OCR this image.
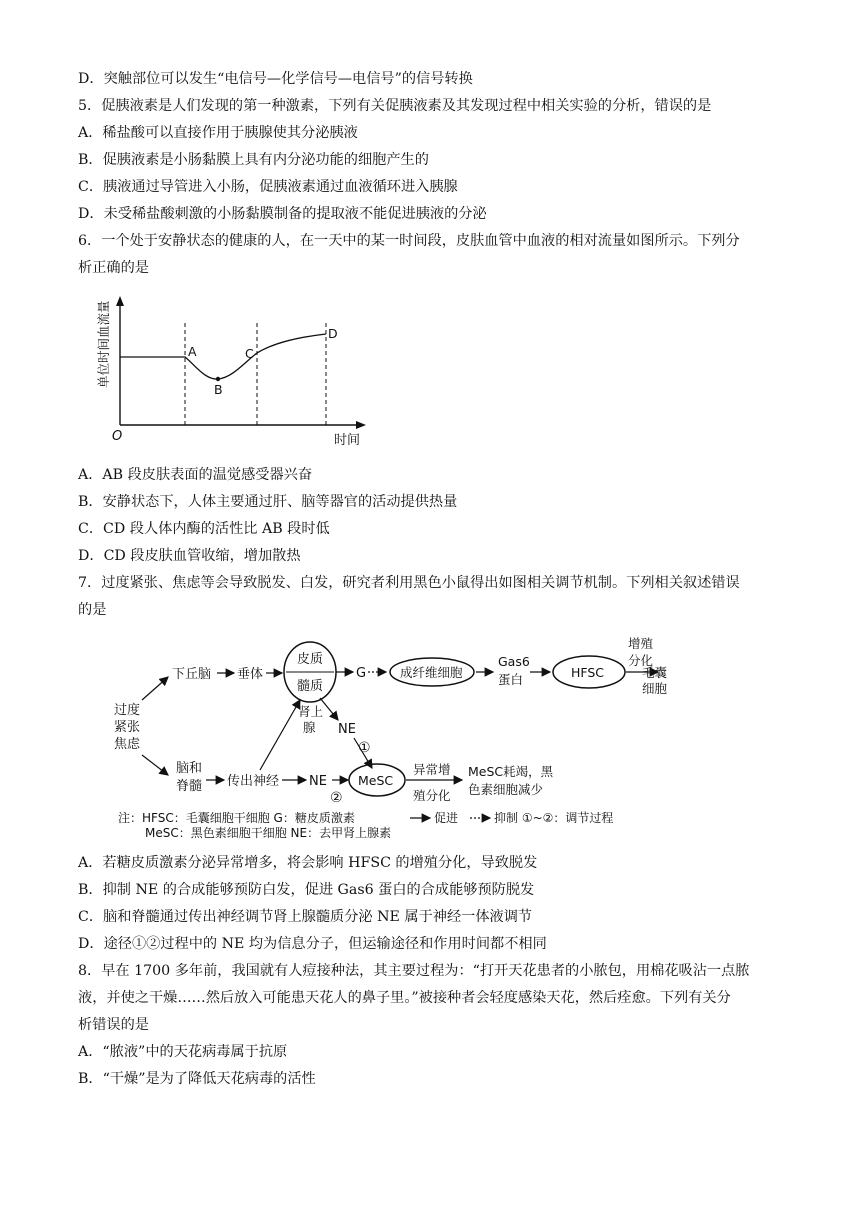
D．突触部位可以发生“电信号—化学信号—电信号”的信号转换
5．促胰液素是人们发现的第一种激素，下列有关促胰液素及其发现过程中相关实验的分析，错误的是
A．稀盐酸可以直接作用于胰腺使其分泌胰液
B．促胰液素是小肠黏膜上具有内分泌功能的细胞产生的
C．胰液通过导管进入小肠，促胰液素通过血液循环进入胰腺
D．未受稀盐酸刺激的小肠黏膜制备的提取液不能促进胰液的分泌
6．一个处于安静状态的健康的人，在一天中的某一时间段，皮肤血管中血液的相对流量如图所示。下列分
析正确的是
单位时间血流量
O	时间
A
B
C
D
A．AB 段皮肤表面的温觉感受器兴奋
B．安静状态下，人体主要通过肝、脑等器官的活动提供热量
C．CD 段人体内酶的活性比 AB 段时低
D．CD 段皮肤血管收缩，增加散热
7．过度紧张、焦虑等会导致脱发、白发，研究者利用黑色小鼠得出如图相关调节机制。下列相关叙述错误
的是
过度
紧张
焦虑
下丘脑 垂体
皮质
髓质
肾上
腺
G	成纤维细胞
Gas6
蛋白	HFSC
增殖
分化
毛囊
细胞
脑和
脊髓 传出神经 NE
NE
①
②
MeSC
异常增
殖分化
MeSC耗竭，黑
色素细胞减少
注：HFSC：毛囊细胞干细胞 G：糖皮质激素	促进	抑制 ①~②：调节过程
MeSC：黑色素细胞干细胞 NE：去甲肾上腺素
A．若糖皮质激素分泌异常增多，将会影响 HFSC 的增殖分化，导致脱发
B．抑制 NE 的合成能够预防白发，促进 Gas6 蛋白的合成能够预防脱发
C．脑和脊髓通过传出神经调节肾上腺髓质分泌 NE 属于神经一体液调节
D．途径①②过程中的 NE 均为信息分子，但运输途径和作用时间都不相同
8．早在 1700 多年前，我国就有人痘接种法，其主要过程为：“打开天花患者的小脓包，用棉花吸沾一点脓
液，并使之干燥……然后放入可能患天花人的鼻子里。”被接种者会轻度感染天花，然后痊愈。下列有关分
析错误的是
A．“脓液”中的天花病毒属于抗原
B．“干燥”是为了降低天花病毒的活性
